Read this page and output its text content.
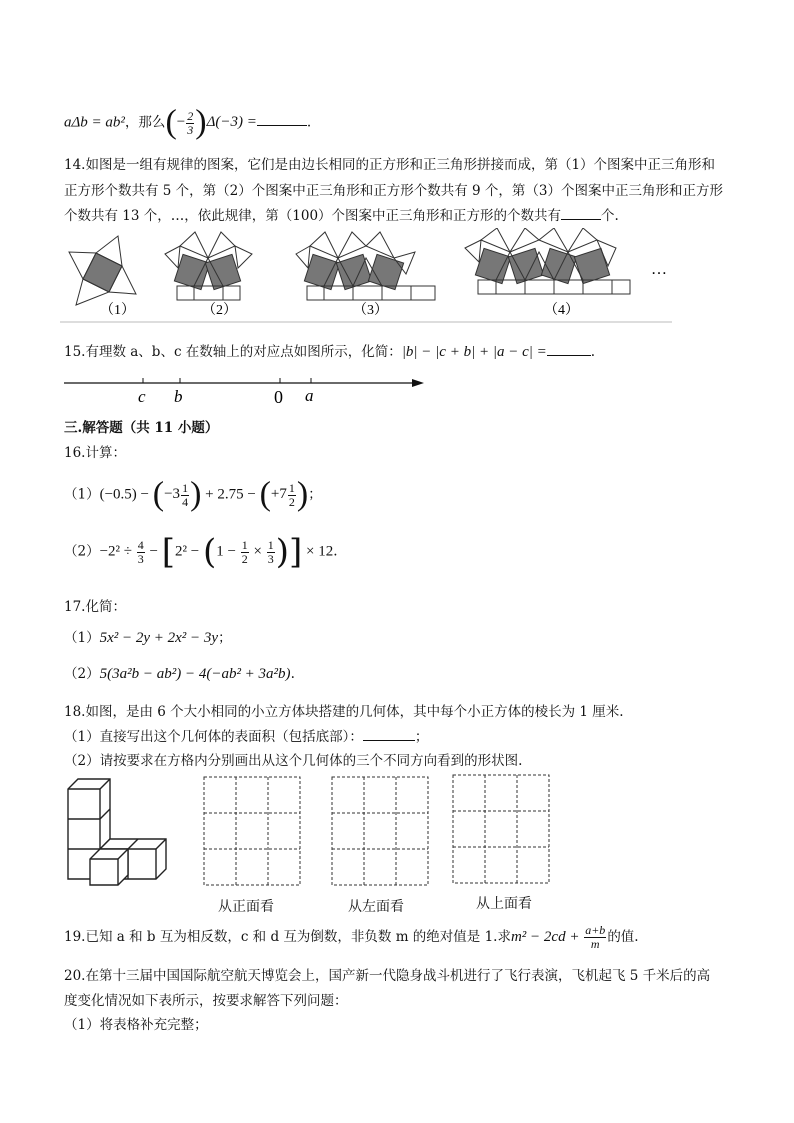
aΔb = ab²，那么(− $\frac{2}{3} )\Delta(-3)$ =	.
14.如图是一组有规律的图案，它们是由边长相同的正方形和正三角形拼接而成，第（1）个图案中正三角形和
正方形个数共有 5 个，第（2）个图案中正三角形和正方形个数共有 9 个，第（3）个图案中正三角形和正方形
个数共有 13 个，…，依此规律，第（100）个图案中正三角形和正方形的个数共有	个.
（1）	（2）	（3）	（4）
…
15.有理数 a、b、c 在数轴上的对应点如图所示，化简：|b| − |c + b| + |a − c| =	.
c b	0 a
三.解答题（共 11 小题）
16.计算：
$(1)(-0.5) - (-3 \frac{1}{4}$ ) + $2.75 - (+7 \frac{1}{2}$ )；
$(2)-2^2 \div \frac{4}{3} - [2^2 - (1 - \frac{1}{2} \times \frac{1}{3}$ )] × 12.
17.化简：
（1）5x² − 2y + 2x² − 3y；
（2）5(3a²b − ab²) − 4(−ab² + 3a²b).
18.如图，是由 6 个大小相同的小立方体块搭建的几何体，其中每个小正方体的棱长为 1 厘米.
（1）直接写出这个几何体的表面积（包括底部）：	；
（2）请按要求在方格内分别画出从这个几何体的三个不同方向看到的形状图.
从正面看	从左面看	从上面看
19.已知 a 和 b 互为相反数，c 和 d 互为倒数，非负数 m 的绝对值是 1.求$m^2 - 2cd + \frac{a+b}{m}$ 的值.
20.在第十三届中国国际航空航天博览会上，国产新一代隐身战斗机进行了飞行表演，飞机起飞 5 千米后的高
度变化情况如下表所示，按要求解答下列问题：
（1）将表格补充完整；
